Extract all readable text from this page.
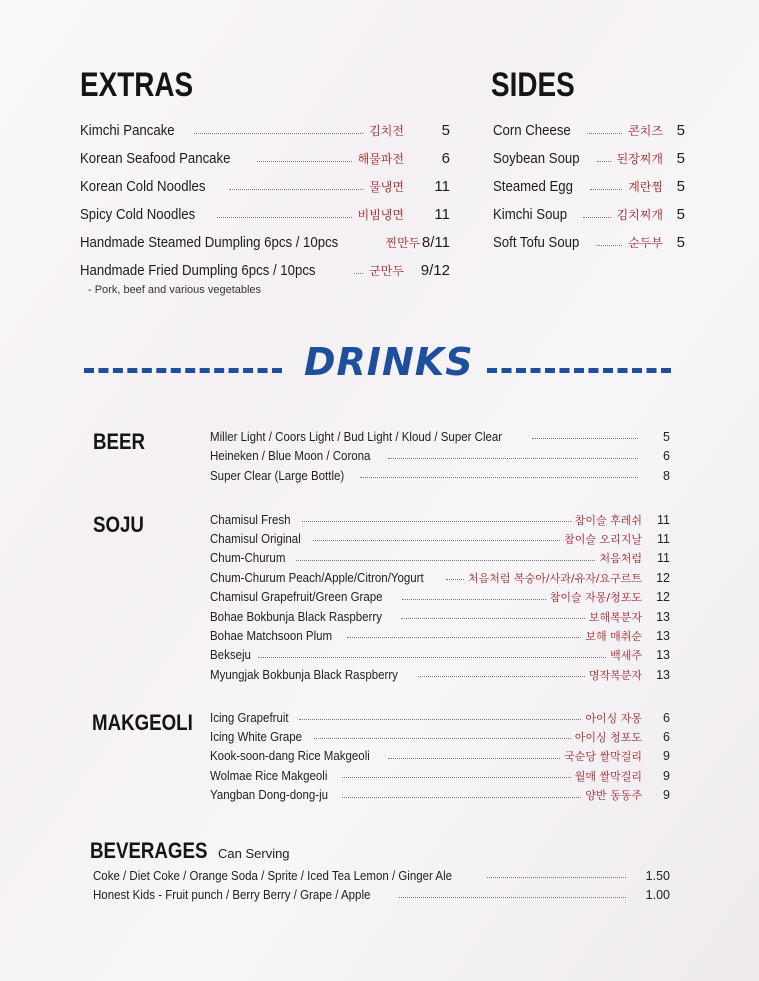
EXTRAS
Kimchi Pancake	김치전	5
Korean Seafood Pancake	해물파전	6
Korean Cold Noodles	물냉면	11
Spicy Cold Noodles	비빔냉면	11
Handmade Steamed Dumpling 6pcs / 10pcs	찐만두 8/11
Handmade Fried Dumpling 6pcs / 10pcs	군만두	9/12
- Pork, beef and various vegetables
SIDES
Corn Cheese	콘치즈 5
Soybean Soup	된장찌개 5
Steamed Egg	계란찜 5
Kimchi Soup	김치찌개 5
Soft Tofu Soup	순두부 5
DRINKS
BEER	Miller Light / Coors Light / Bud Light / Kloud / Super Clear	5
Heineken / Blue Moon / Corona	6
Super Clear (Large Bottle)	8
SOJU	Chamisul Fresh	참이슬 후레쉬	11
Chamisul Original	참이슬 오리지날	11
Chum-Churum	처음처럼	11
Chum-Churum Peach/Apple/Citron/Yogurt	처음처럼 복숭아/사과/유자/요구르트	12
Chamisul Grapefruit/Green Grape	참이슬 자몽/청포도	12
Bohae Bokbunja Black Raspberry	보해복분자	13
Bohae Matchsoon Plum	보해 매취순	13
Bekseju	백세주	13
Myungjak Bokbunja Black Raspberry	명작복분자	13
MAKGEOLI Icing Grapefruit	아이싱 자몽	6
Icing White Grape	아이싱 청포도	6
Kook-soon-dang Rice Makgeoli	국순당 쌀막걸리	9
Wolmae Rice Makgeoli	월매 쌀막걸리	9
Yangban Dong-dong-ju	양반 동동주	9
BEVERAGES Can Serving
Coke / Diet Coke / Orange Soda / Sprite / Iced Tea Lemon / Ginger Ale	1.50
Honest Kids - Fruit punch / Berry Berry / Grape / Apple	1.00
